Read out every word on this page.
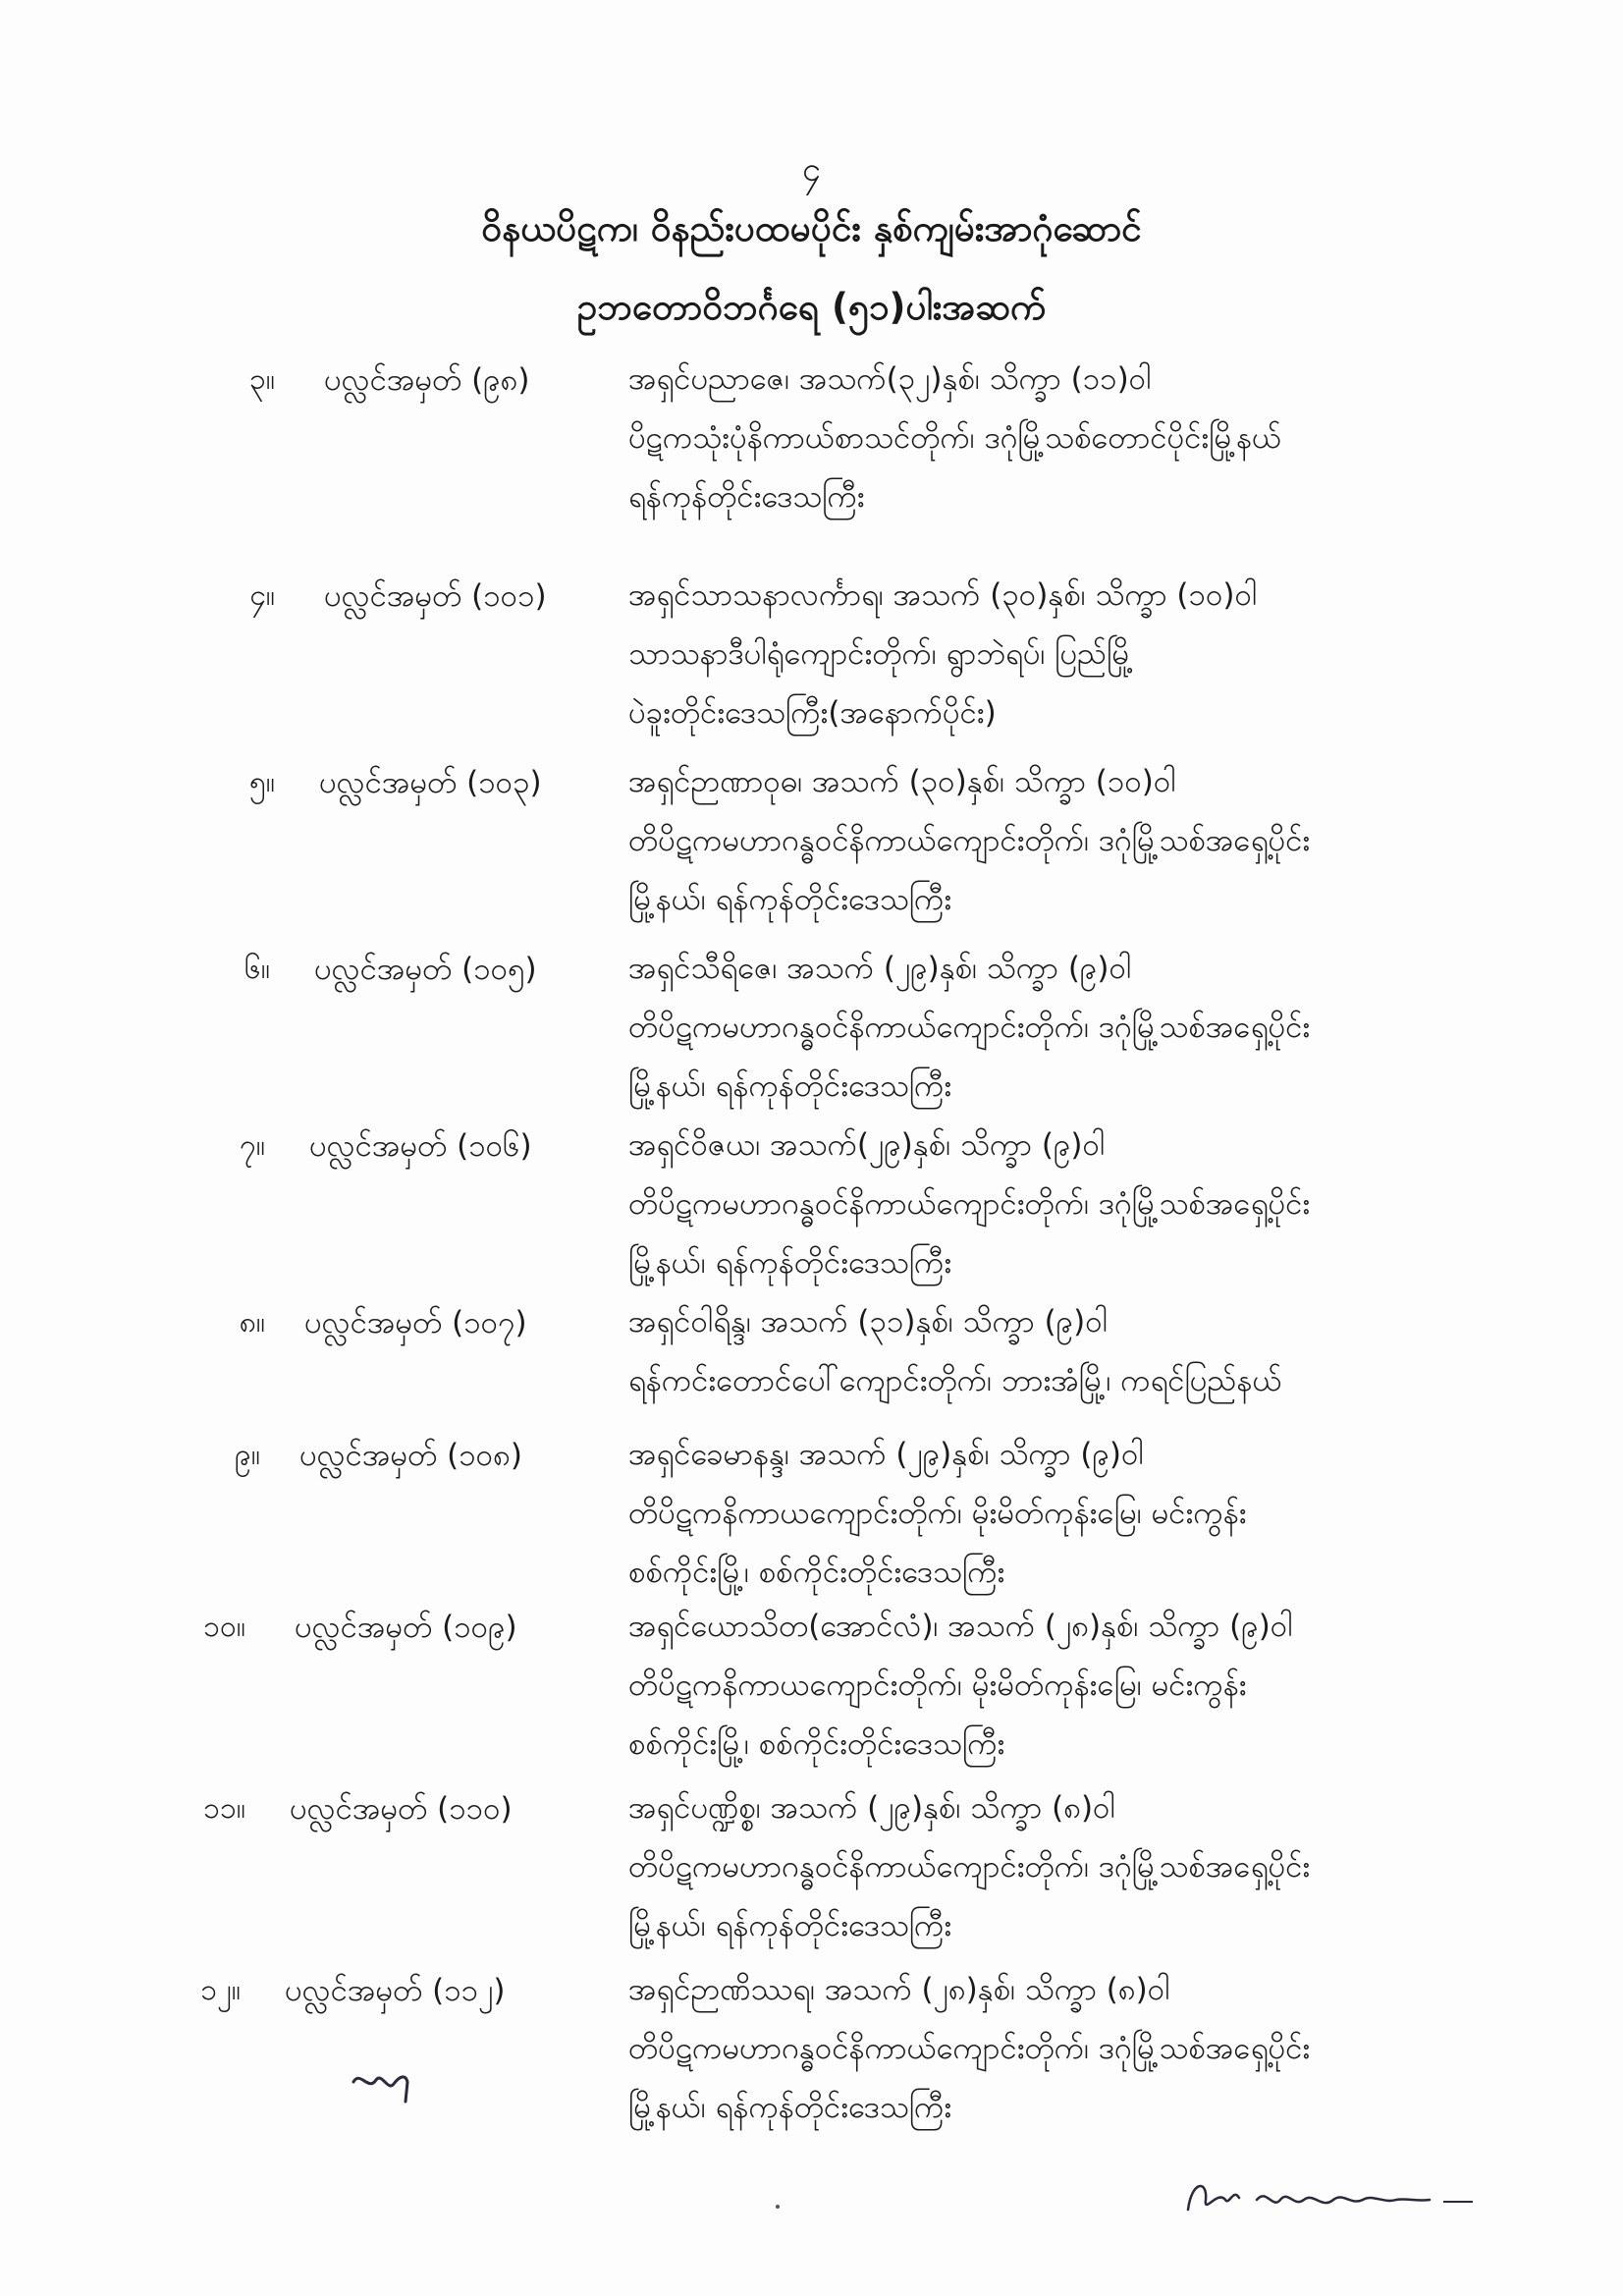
၄
ဝိနယပိဋက၊ ဝိနည်းပထမပိုင်း နှစ်ကျမ်းအာဂုံဆောင်
ဥဘတောဝိဘင်္ဂရေ (၅၁)ပါးအဆက်
၃။ ပလ္လင်အမှတ် (၉၈)	အရှင်ပညာဇေ၊ အသက်(၃၂)နှစ်၊ သိက္ခာ (၁၁)ဝါ
ပိဋကသုံးပုံနိကာယ်စာသင်တိုက်၊ ဒဂုံမြို့သစ်တောင်ပိုင်းမြို့နယ်
ရန်ကုန်တိုင်းဒေသကြီး
၄။ ပလ္လင်အမှတ် (၁၀၁)	အရှင်သာသနာလင်္ကာရ၊ အသက် (၃၀)နှစ်၊ သိက္ခာ (၁၀)ဝါ
သာသနာဒီပါရုံကျောင်းတိုက်၊ ရွာဘဲရပ်၊ ပြည်မြို့
ပဲခူးတိုင်းဒေသကြီး(အနောက်ပိုင်း)
၅။ ပလ္လင်အမှတ် (၁၀၃)	အရှင်ဉာဏာဝုဓ၊ အသက် (၃၀)နှစ်၊ သိက္ခာ (၁၀)ဝါ
တိပိဋကမဟာဂန္ဓဝင်နိကာယ်ကျောင်းတိုက်၊ ဒဂုံမြို့သစ်အရှေ့ပိုင်း
မြို့နယ်၊ ရန်ကုန်တိုင်းဒေသကြီး
၆။ ပလ္လင်အမှတ် (၁၀၅)	အရှင်သီရိဇေ၊ အသက် (၂၉)နှစ်၊ သိက္ခာ (၉)ဝါ
တိပိဋကမဟာဂန္ဓဝင်နိကာယ်ကျောင်းတိုက်၊ ဒဂုံမြို့သစ်အရှေ့ပိုင်း
မြို့နယ်၊ ရန်ကုန်တိုင်းဒေသကြီး
၇။ ပလ္လင်အမှတ် (၁၀၆)	အရှင်ဝိဇယ၊ အသက်(၂၉)နှစ်၊ သိက္ခာ (၉)ဝါ
တိပိဋကမဟာဂန္ဓဝင်နိကာယ်ကျောင်းတိုက်၊ ဒဂုံမြို့သစ်အရှေ့ပိုင်း
မြို့နယ်၊ ရန်ကုန်တိုင်းဒေသကြီး
၈။ ပလ္လင်အမှတ် (၁၀၇)	အရှင်ဝါရိန္ဒ၊ အသက် (၃၁)နှစ်၊ သိက္ခာ (၉)ဝါ
ရန်ကင်းတောင်ပေါ်ကျောင်းတိုက်၊ ဘားအံမြို့၊ ကရင်ပြည်နယ်
၉။ ပလ္လင်အမှတ် (၁၀၈)	အရှင်ခေမာနန္ဒ၊ အသက် (၂၉)နှစ်၊ သိက္ခာ (၉)ဝါ
တိပိဋကနိကာယကျောင်းတိုက်၊ မိုးမိတ်ကုန်းမြေ၊ မင်းကွန်း
စစ်ကိုင်းမြို့၊ စစ်ကိုင်းတိုင်းဒေသကြီး
၁၀။ ပလ္လင်အမှတ် (၁၀၉)	အရှင်ယောသိတ(အောင်လံ)၊ အသက် (၂၈)နှစ်၊ သိက္ခာ (၉)ဝါ
တိပိဋကနိကာယကျောင်းတိုက်၊ မိုးမိတ်ကုန်းမြေ၊ မင်းကွန်း
စစ်ကိုင်းမြို့၊ စစ်ကိုင်းတိုင်းဒေသကြီး
၁၁။ ပလ္လင်အမှတ် (၁၁၀)	အရှင်ပဏ္ဍိစ္စ၊ အသက် (၂၉)နှစ်၊ သိက္ခာ (၈)ဝါ
တိပိဋကမဟာဂန္ဓဝင်နိကာယ်ကျောင်းတိုက်၊ ဒဂုံမြို့သစ်အရှေ့ပိုင်း
မြို့နယ်၊ ရန်ကုန်တိုင်းဒေသကြီး
၁၂။ ပလ္လင်အမှတ် (၁၁၂)	အရှင်ဉာဏိဿရ၊ အသက် (၂၈)နှစ်၊ သိက္ခာ (၈)ဝါ
တိပိဋကမဟာဂန္ဓဝင်နိကာယ်ကျောင်းတိုက်၊ ဒဂုံမြို့သစ်အရှေ့ပိုင်း
မြို့နယ်၊ ရန်ကုန်တိုင်းဒေသကြီး
